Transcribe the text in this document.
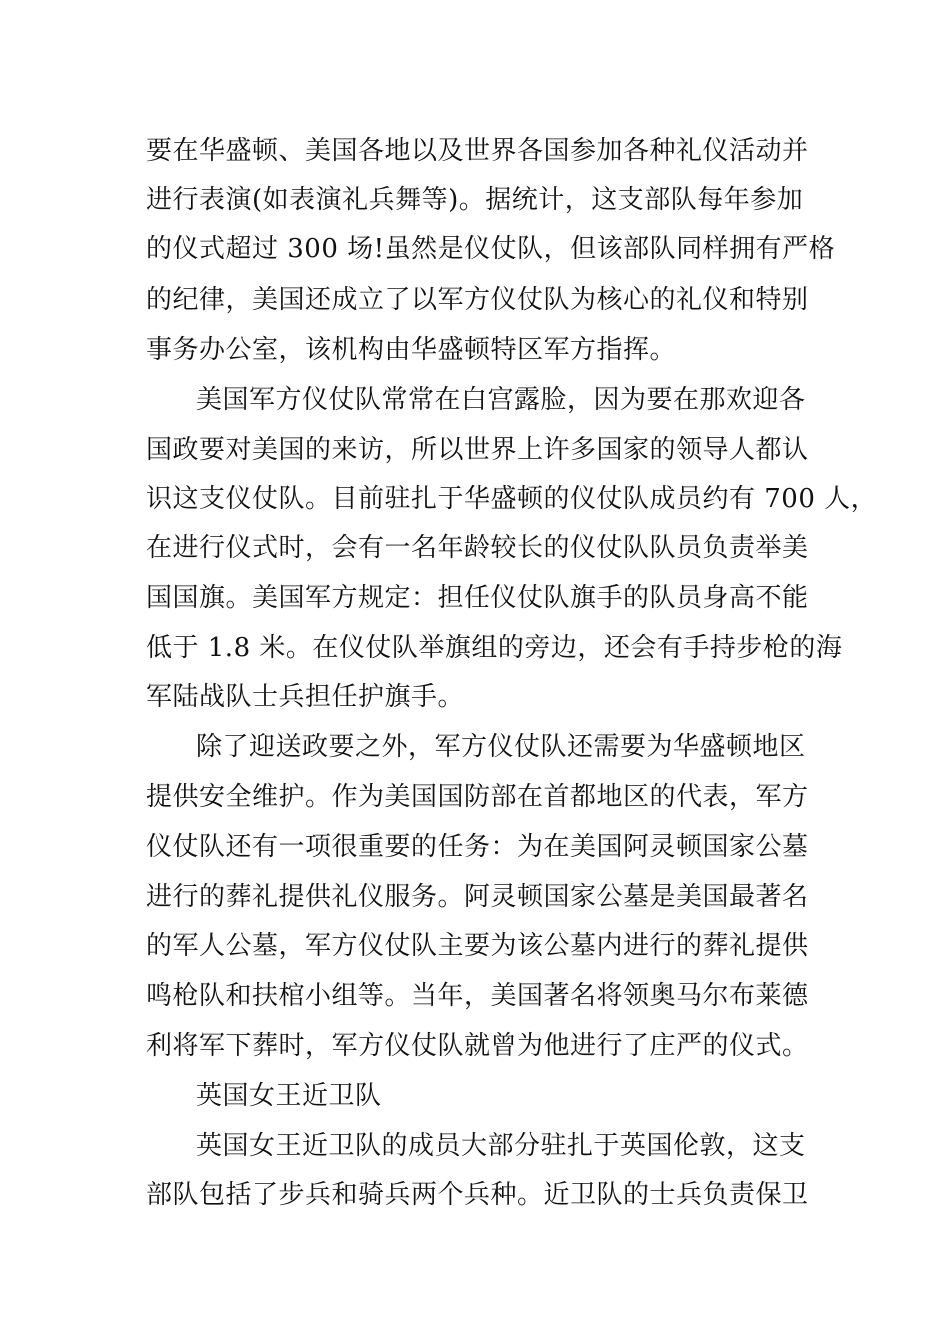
要在华盛顿、美国各地以及世界各国参加各种礼仪活动并
进行表演(如表演礼兵舞等)。据统计，这支部队每年参加
的仪式超过 300 场!虽然是仪仗队，但该部队同样拥有严格
的纪律，美国还成立了以军方仪仗队为核心的礼仪和特别
事务办公室，该机构由华盛顿特区军方指挥。
美国军方仪仗队常常在白宫露脸，因为要在那欢迎各
国政要对美国的来访，所以世界上许多国家的领导人都认
识这支仪仗队。目前驻扎于华盛顿的仪仗队成员约有 700 人，
在进行仪式时，会有一名年龄较长的仪仗队队员负责举美
国国旗。美国军方规定：担任仪仗队旗手的队员身高不能
低于 1.8 米。在仪仗队举旗组的旁边，还会有手持步枪的海
军陆战队士兵担任护旗手。
除了迎送政要之外，军方仪仗队还需要为华盛顿地区
提供安全维护。作为美国国防部在首都地区的代表，军方
仪仗队还有一项很重要的任务：为在美国阿灵顿国家公墓
进行的葬礼提供礼仪服务。阿灵顿国家公墓是美国最著名
的军人公墓，军方仪仗队主要为该公墓内进行的葬礼提供
鸣枪队和扶棺小组等。当年，美国著名将领奥马尔布莱德
利将军下葬时，军方仪仗队就曾为他进行了庄严的仪式。
英国女王近卫队
英国女王近卫队的成员大部分驻扎于英国伦敦，这支
部队包括了步兵和骑兵两个兵种。近卫队的士兵负责保卫
